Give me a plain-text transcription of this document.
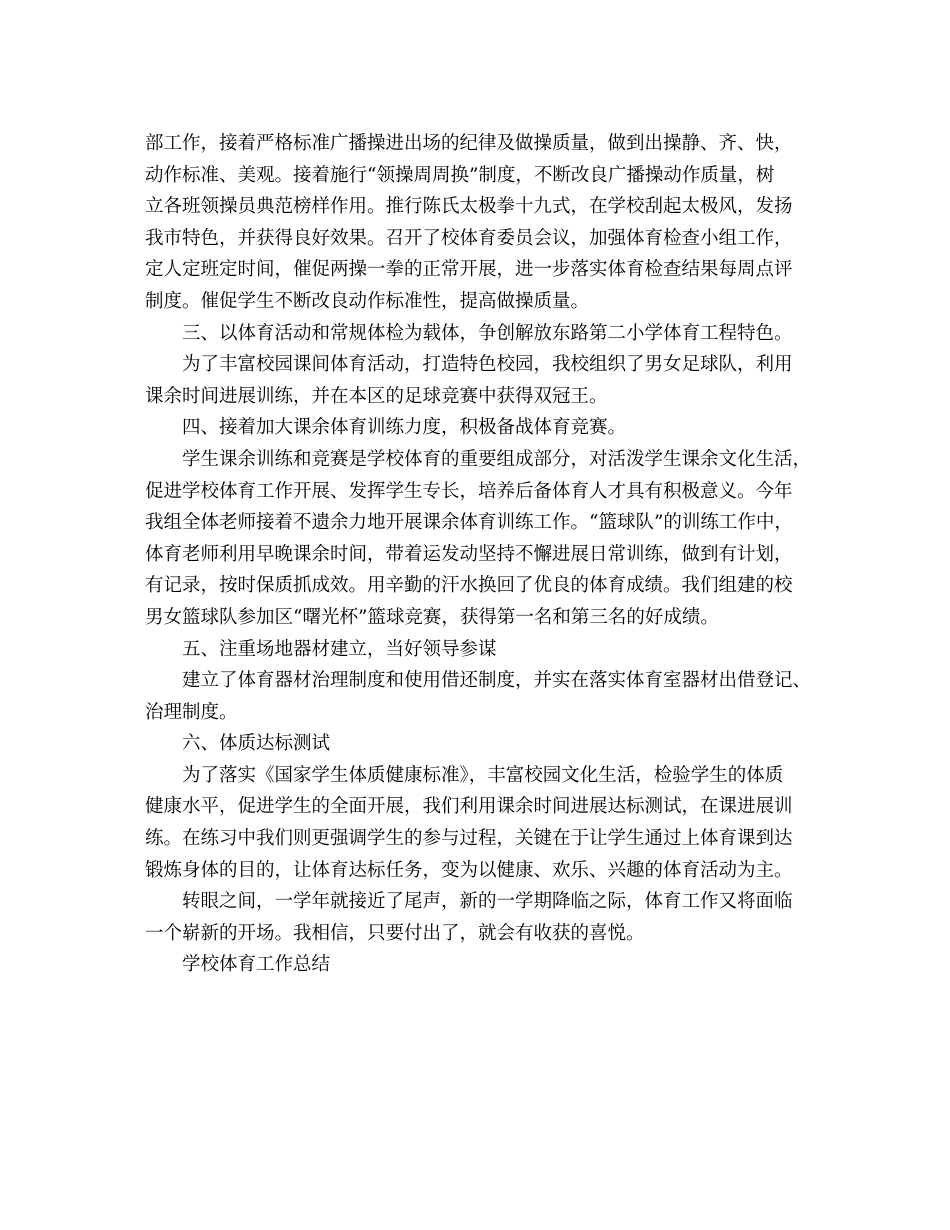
部工作，接着严格标准广播操进出场的纪律及做操质量，做到出操静、齐、快，
动作标准、美观。接着施行“领操周周换”制度，不断改良广播操动作质量，树
立各班领操员典范榜样作用。推行陈氏太极拳十九式，在学校刮起太极风，发扬
我市特色，并获得良好效果。召开了校体育委员会议，加强体育检查小组工作，
定人定班定时间，催促两操一拳的正常开展，进一步落实体育检查结果每周点评
制度。催促学生不断改良动作标准性，提高做操质量。

三、以体育活动和常规体检为载体，争创解放东路第二小学体育工程特色。

为了丰富校园课间体育活动，打造特色校园，我校组织了男女足球队，利用
课余时间进展训练，并在本区的足球竞赛中获得双冠王。

四、接着加大课余体育训练力度，积极备战体育竞赛。

学生课余训练和竞赛是学校体育的重要组成部分，对活泼学生课余文化生活，
促进学校体育工作开展、发挥学生专长，培养后备体育人才具有积极意义。今年
我组全体老师接着不遗余力地开展课余体育训练工作。“篮球队”的训练工作中，
体育老师利用早晚课余时间，带着运发动坚持不懈进展日常训练，做到有计划，
有记录，按时保质抓成效。用辛勤的汗水换回了优良的体育成绩。我们组建的校
男女篮球队参加区“曙光杯”篮球竞赛，获得第一名和第三名的好成绩。

五、注重场地器材建立，当好领导参谋

建立了体育器材治理制度和使用借还制度，并实在落实体育室器材出借登记、
治理制度。

六、体质达标测试

为了落实《国家学生体质健康标准》，丰富校园文化生活，检验学生的体质
健康水平，促进学生的全面开展，我们利用课余时间进展达标测试，在课进展训
练。在练习中我们则更强调学生的参与过程，关键在于让学生通过上体育课到达
锻炼身体的目的，让体育达标任务，变为以健康、欢乐、兴趣的体育活动为主。

转眼之间，一学年就接近了尾声，新的一学期降临之际，体育工作又将面临
一个崭新的开场。我相信，只要付出了，就会有收获的喜悦。

学校体育工作总结
